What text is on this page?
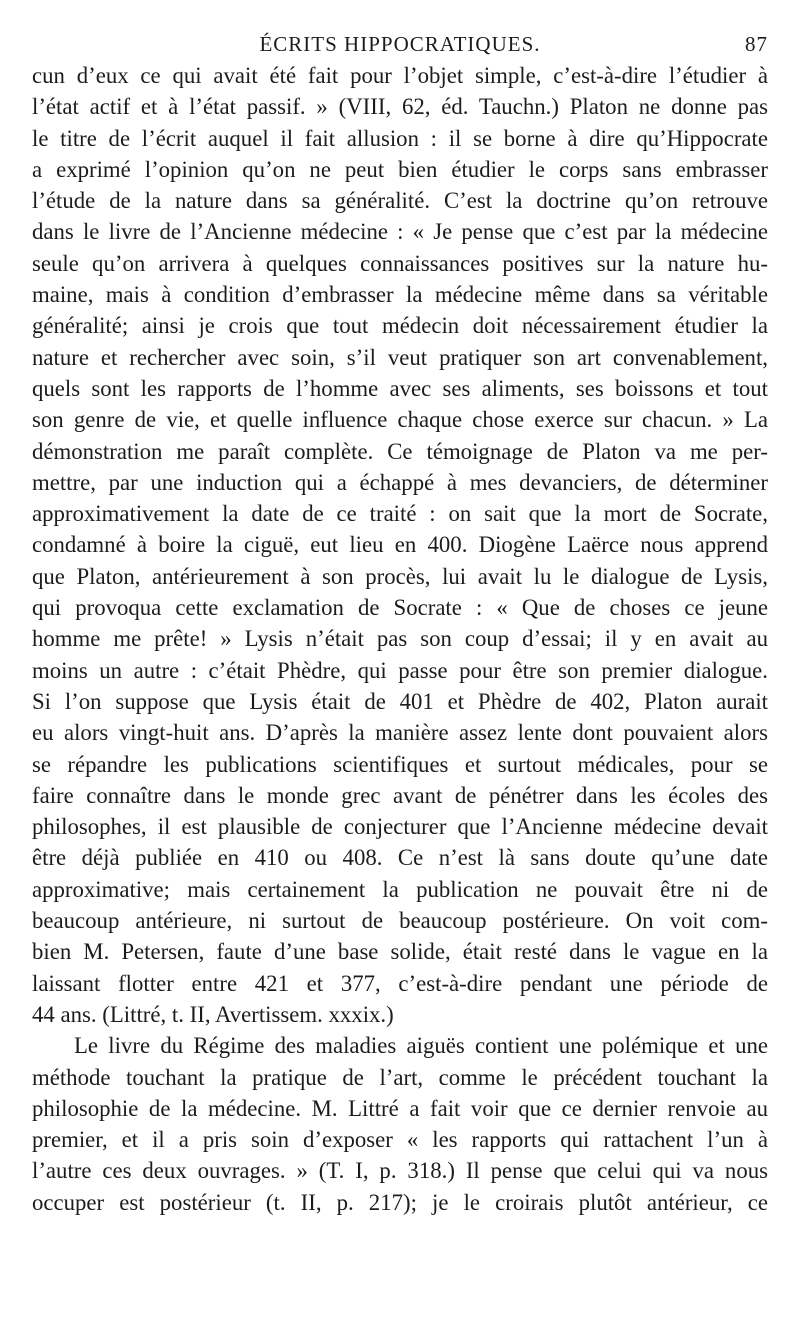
ÉCRITS HIPPOCRATIQUES.	87

cun d’eux ce qui avait été fait pour l’objet simple, c’est-à-dire l’étudier à
l’état actif et à l’état passif. » (VIII, 62, éd. Tauchn.) Platon ne donne pas
le titre de l’écrit auquel il fait allusion : il se borne à dire qu’Hippocrate
a exprimé l’opinion qu’on ne peut bien étudier le corps sans embrasser
l’étude de la nature dans sa généralité. C’est la doctrine qu’on retrouve
dans le livre de l’Ancienne médecine : « Je pense que c’est par la médecine
seule qu’on arrivera à quelques connaissances positives sur la nature hu-
maine, mais à condition d’embrasser la médecine même dans sa véritable
généralité; ainsi je crois que tout médecin doit nécessairement étudier la
nature et rechercher avec soin, s’il veut pratiquer son art convenablement,
quels sont les rapports de l’homme avec ses aliments, ses boissons et tout
son genre de vie, et quelle influence chaque chose exerce sur chacun. » La
démonstration me paraît complète. Ce témoignage de Platon va me per-
mettre, par une induction qui a échappé à mes devanciers, de déterminer
approximativement la date de ce traité : on sait que la mort de Socrate,
condamné à boire la ciguë, eut lieu en 400. Diogène Laërce nous apprend
que Platon, antérieurement à son procès, lui avait lu le dialogue de Lysis,
qui provoqua cette exclamation de Socrate : « Que de choses ce jeune
homme me prête! » Lysis n’était pas son coup d’essai; il y en avait au
moins un autre : c’était Phèdre, qui passe pour être son premier dialogue.
Si l’on suppose que Lysis était de 401 et Phèdre de 402, Platon aurait
eu alors vingt-huit ans. D’après la manière assez lente dont pouvaient alors
se répandre les publications scientifiques et surtout médicales, pour se
faire connaître dans le monde grec avant de pénétrer dans les écoles des
philosophes, il est plausible de conjecturer que l’Ancienne médecine devait
être déjà publiée en 410 ou 408. Ce n’est là sans doute qu’une date
approximative; mais certainement la publication ne pouvait être ni de
beaucoup antérieure, ni surtout de beaucoup postérieure. On voit com-
bien M. Petersen, faute d’une base solide, était resté dans le vague en la
laissant flotter entre 421 et 377, c’est-à-dire pendant une période de
44 ans. (Littré, t. II, Avertissem. xxxix.)

Le livre du Régime des maladies aiguës contient une polémique et une
méthode touchant la pratique de l’art, comme le précédent touchant la
philosophie de la médecine. M. Littré a fait voir que ce dernier renvoie au
premier, et il a pris soin d’exposer « les rapports qui rattachent l’un à
l’autre ces deux ouvrages. » (T. I, p. 318.) Il pense que celui qui va nous
occuper est postérieur (t. II, p. 217); je le croirais plutôt antérieur, ce
